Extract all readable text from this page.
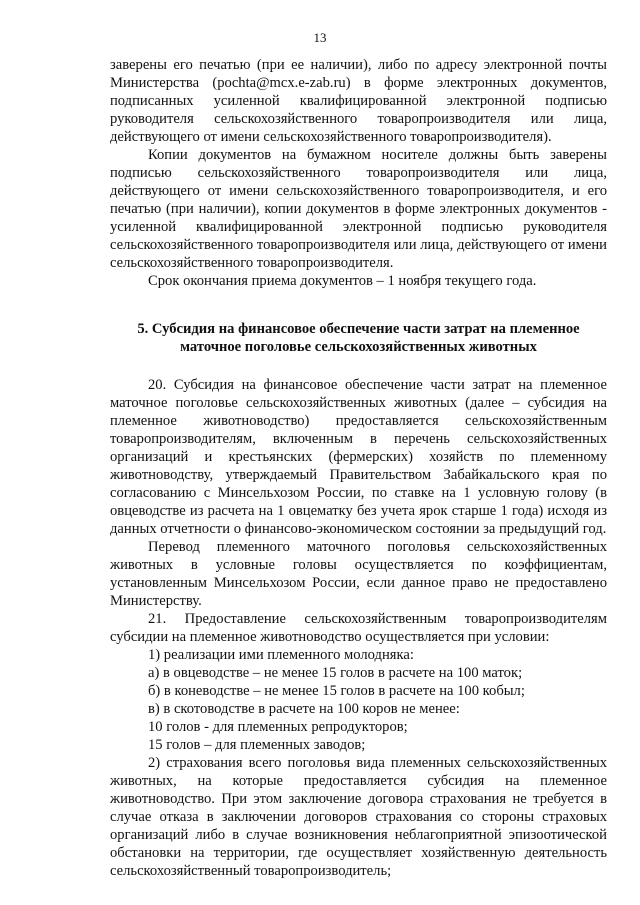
13

заверены его печатью (при ее наличии), либо по адресу электронной почты Министерства (pochta@mcx.e-zab.ru) в форме электронных документов, подписанных усиленной квалифицированной электронной подписью руководителя сельскохозяйственного товаропроизводителя или лица, действующего от имени сельскохозяйственного товаропроизводителя).

Копии документов на бумажном носителе должны быть заверены подписью сельскохозяйственного товаропроизводителя или лица, действующего от имени сельскохозяйственного товаропроизводителя, и его печатью (при наличии), копии документов в форме электронных документов - усиленной квалифицированной электронной подписью руководителя сельскохозяйственного товаропроизводителя или лица, действующего от имени сельскохозяйственного товаропроизводителя.

Срок окончания приема документов – 1 ноября текущего года.

5. Субсидия на финансовое обеспечение части затрат на племенное
маточное поголовье сельскохозяйственных животных

20. Субсидия на финансовое обеспечение части затрат на племенное маточное поголовье сельскохозяйственных животных (далее – субсидия на племенное животноводство) предоставляется сельскохозяйственным товаропроизводителям, включенным в перечень сельскохозяйственных организаций и крестьянских (фермерских) хозяйств по племенному животноводству, утверждаемый Правительством Забайкальского края по согласованию с Минсельхозом России, по ставке на 1 условную голову (в овцеводстве из расчета на 1 овцематку без учета ярок старше 1 года) исходя из данных отчетности о финансово-экономическом состоянии за предыдущий год.

Перевод племенного маточного поголовья сельскохозяйственных животных в условные головы осуществляется по коэффициентам, установленным Минсельхозом России, если данное право не предоставлено Министерству.

21. Предоставление сельскохозяйственным товаропроизводителям субсидии на племенное животноводство осуществляется при условии:

1) реализации ими племенного молодняка:
а) в овцеводстве – не менее 15 голов в расчете на 100 маток;
б) в коневодстве – не менее 15 голов в расчете на 100 кобыл;
в) в скотоводстве в расчете на 100 коров не менее:
10 голов - для племенных репродукторов;
15 голов – для племенных заводов;

2) страхования всего поголовья вида племенных сельскохозяйственных животных, на которые предоставляется субсидия на племенное животноводство. При этом заключение договора страхования не требуется в случае отказа в заключении договоров страхования со стороны страховых организаций либо в случае возникновения неблагоприятной эпизоотической обстановки на территории, где осуществляет хозяйственную деятельность сельскохозяйственный товаропроизводитель;
